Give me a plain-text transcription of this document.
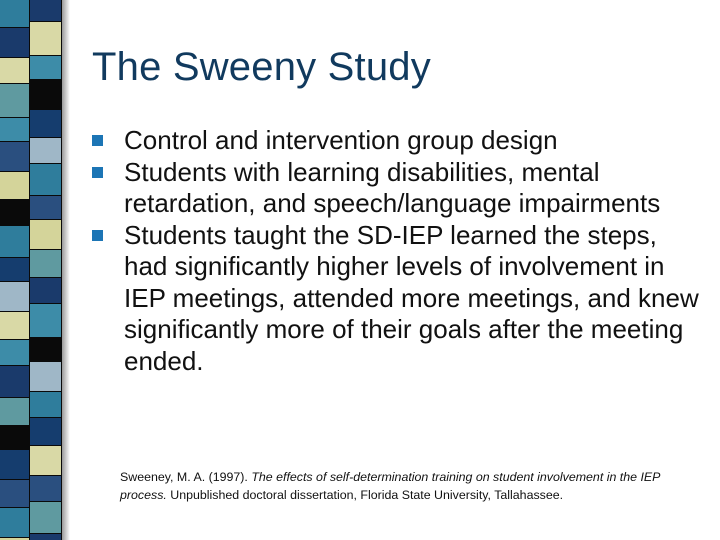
The Sweeny Study
Control and intervention group design
Students with learning disabilities, mental retardation, and speech/language impairments
Students taught the SD-IEP learned the steps, had significantly higher levels of involvement in IEP meetings, attended more meetings, and knew significantly more of their goals after the meeting ended.
Sweeney, M. A. (1997). The effects of self-determination training on student involvement in the IEP process. Unpublished doctoral dissertation, Florida State University, Tallahassee.
